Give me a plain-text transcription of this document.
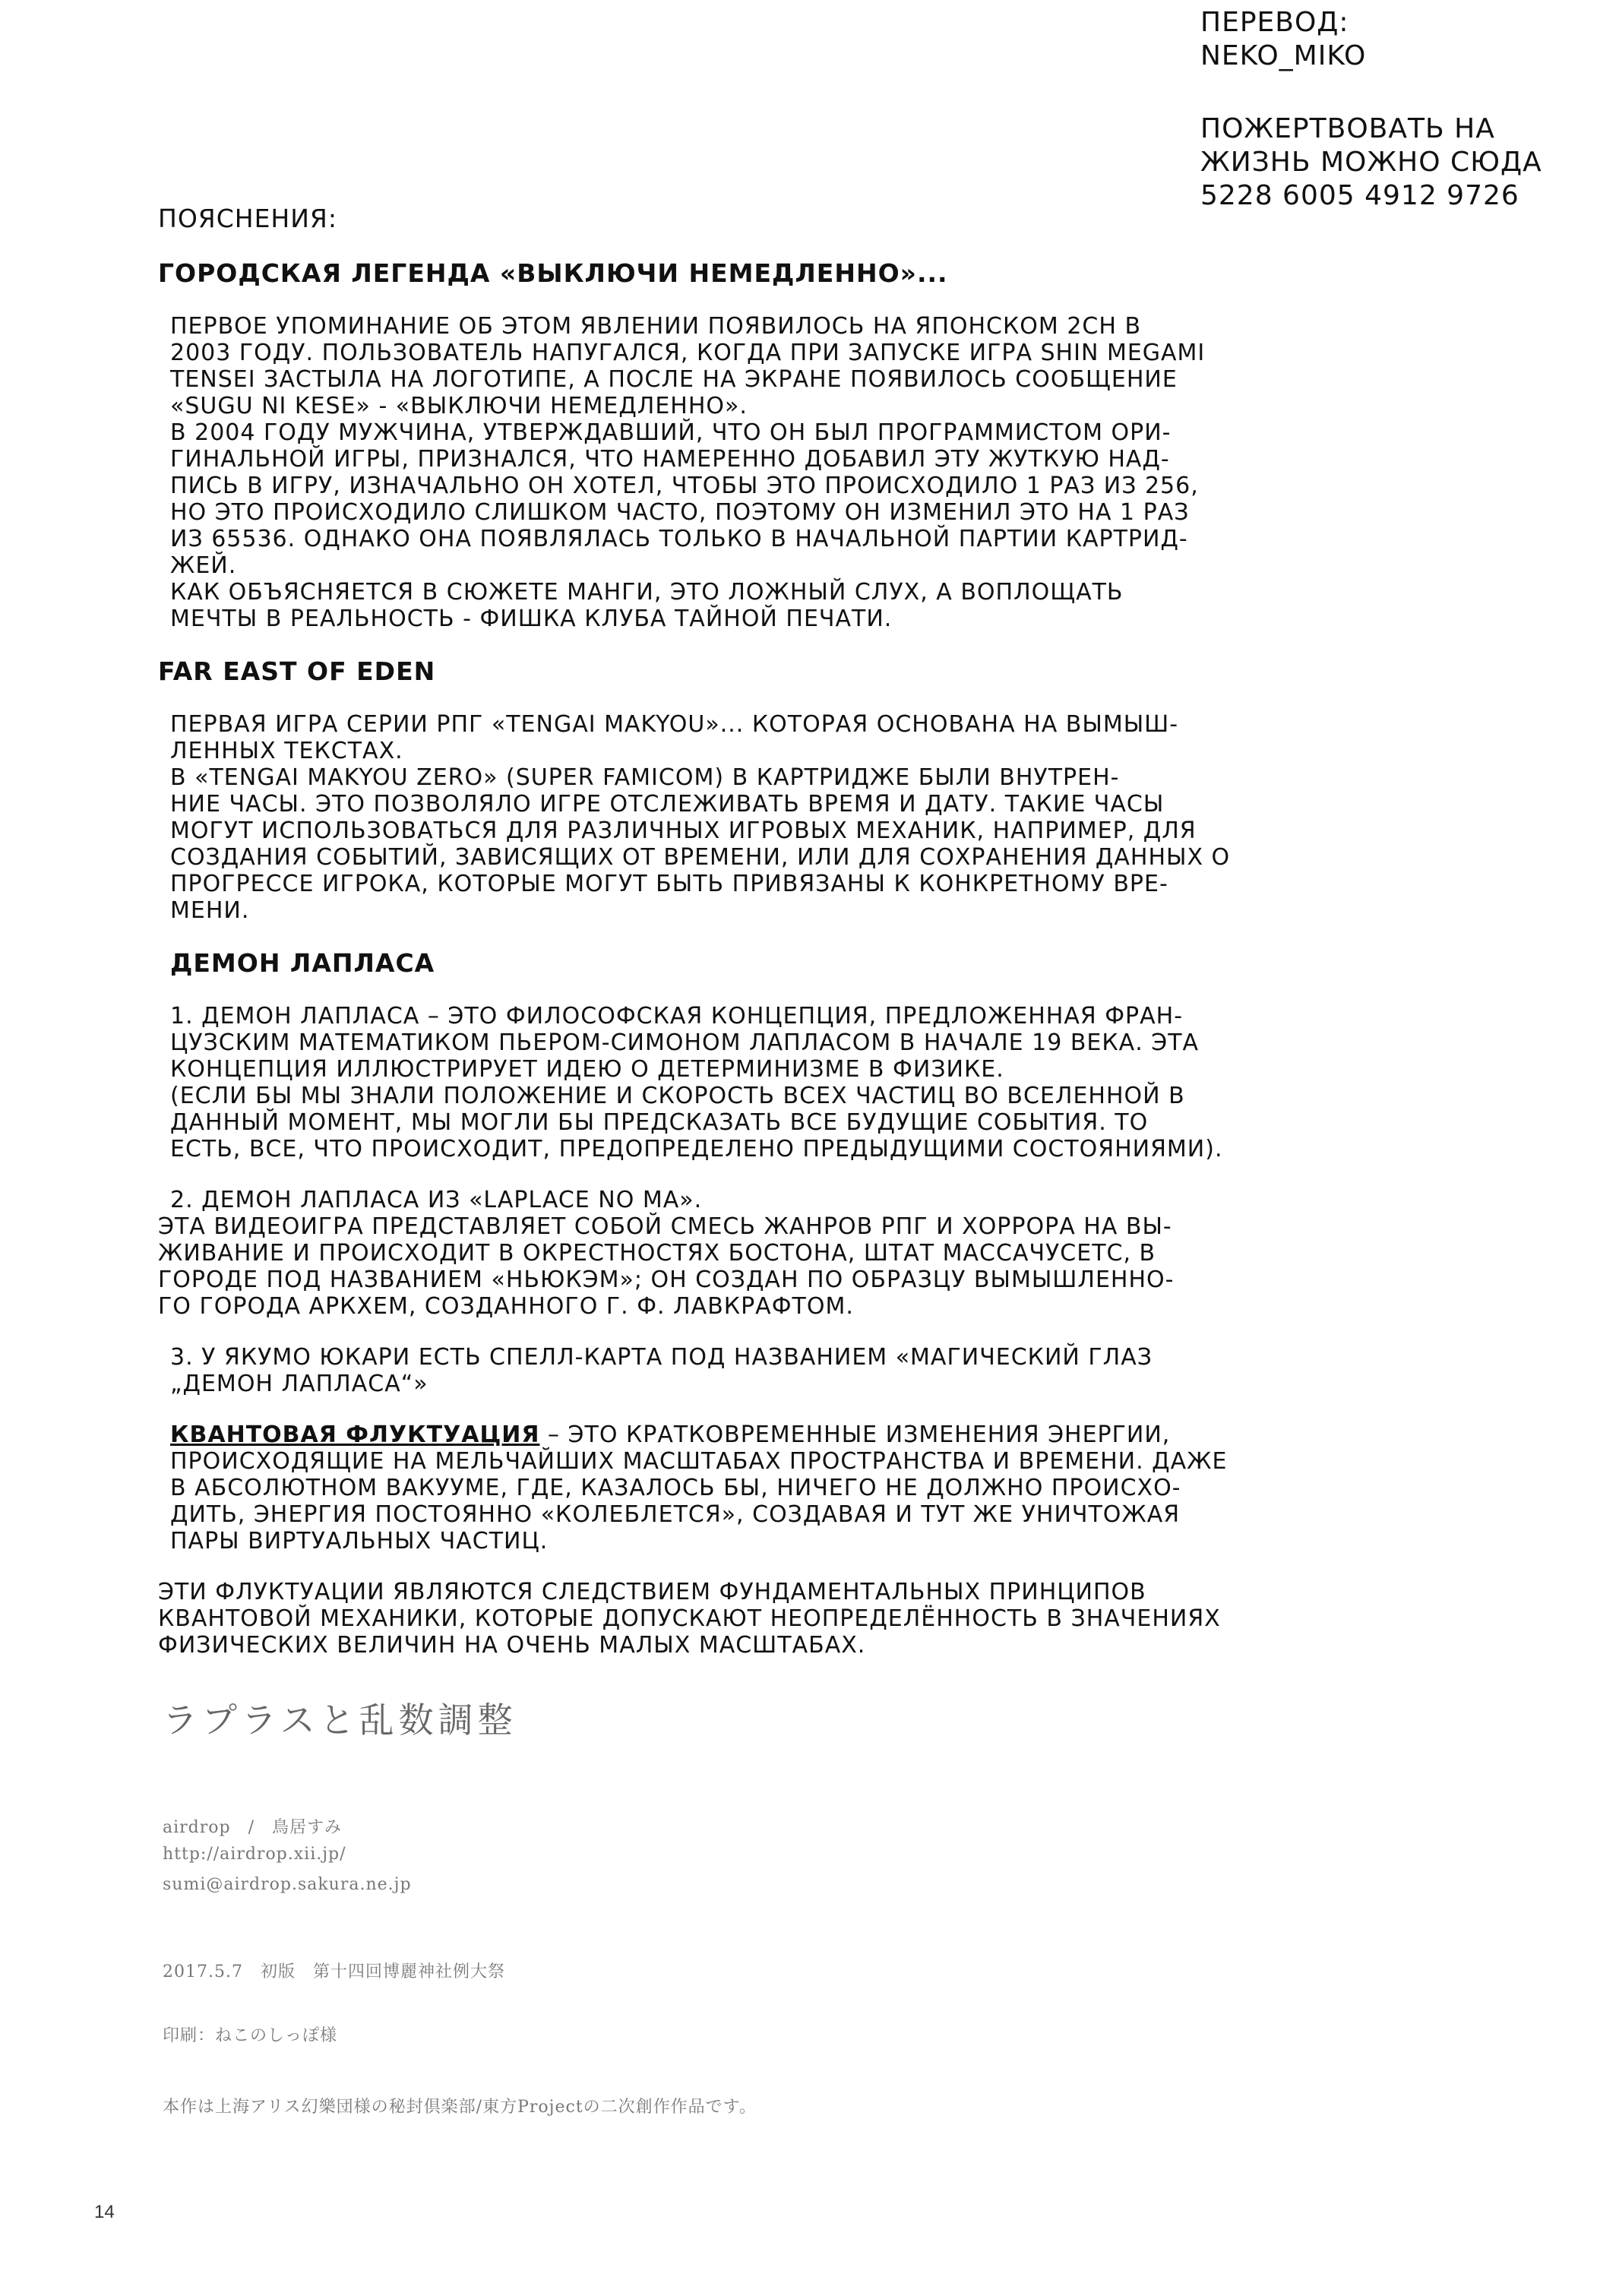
ПЕРЕВОД:

NEKO_MIKO

ПОЖЕРТВОВАТЬ НА

ЖИЗНЬ МОЖНО СЮДА

5228 6005 4912 9726

ПОЯСНЕНИЯ:

ГОРОДСКАЯ ЛЕГЕНДА «ВЫКЛЮЧИ НЕМЕДЛЕННО»...

ПЕРВОЕ УПОМИНАНИЕ ОБ ЭТОМ ЯВЛЕНИИ ПОЯВИЛОСЬ НА ЯПОНСКОМ 2CH В
2003 ГОДУ. ПОЛЬЗОВАТЕЛЬ НАПУГАЛСЯ, КОГДА ПРИ ЗАПУСКЕ ИГРА SHIN MEGAMI
TENSEI ЗАСТЫЛА НА ЛОГОТИПЕ, А ПОСЛЕ НА ЭКРАНЕ ПОЯВИЛОСЬ СООБЩЕНИЕ
«SUGU NI KESE» - «ВЫКЛЮЧИ НЕМЕДЛЕННО».

В 2004 ГОДУ МУЖЧИНА, УТВЕРЖДАВШИЙ, ЧТО ОН БЫЛ ПРОГРАММИСТОМ ОРИ-
ГИНАЛЬНОЙ ИГРЫ, ПРИЗНАЛСЯ, ЧТО НАМЕРЕННО ДОБАВИЛ ЭТУ ЖУТКУЮ НАД-
ПИСЬ В ИГРУ, ИЗНАЧАЛЬНО ОН ХОТЕЛ, ЧТОБЫ ЭТО ПРОИСХОДИЛО 1 РАЗ ИЗ 256,
НО ЭТО ПРОИСХОДИЛО СЛИШКОМ ЧАСТО, ПОЭТОМУ ОН ИЗМЕНИЛ ЭТО НА 1 РАЗ
ИЗ 65536. ОДНАКО ОНА ПОЯВЛЯЛАСЬ ТОЛЬКО В НАЧАЛЬНОЙ ПАРТИИ КАРТРИД-
ЖЕЙ.

КАК ОБЪЯСНЯЕТСЯ В СЮЖЕТЕ МАНГИ, ЭТО ЛОЖНЫЙ СЛУХ, А ВОПЛОЩАТЬ
МЕЧТЫ В РЕАЛЬНОСТЬ - ФИШКА КЛУБА ТАЙНОЙ ПЕЧАТИ.

FAR EAST OF EDEN

ПЕРВАЯ ИГРА СЕРИИ РПГ «TENGAI MAKYOU»... КОТОРАЯ ОСНОВАНА НА ВЫМЫШ-
ЛЕННЫХ ТЕКСТАХ.

В «TENGAI MAKYOU ZERO» (SUPER FAMICOM) В КАРТРИДЖЕ БЫЛИ ВНУТРЕН-
НИЕ ЧАСЫ. ЭТО ПОЗВОЛЯЛО ИГРЕ ОТСЛЕЖИВАТЬ ВРЕМЯ И ДАТУ. ТАКИЕ ЧАСЫ
МОГУТ ИСПОЛЬЗОВАТЬСЯ ДЛЯ РАЗЛИЧНЫХ ИГРОВЫХ МЕХАНИК, НАПРИМЕР, ДЛЯ
СОЗДАНИЯ СОБЫТИЙ, ЗАВИСЯЩИХ ОТ ВРЕМЕНИ, ИЛИ ДЛЯ СОХРАНЕНИЯ ДАННЫХ О
ПРОГРЕССЕ ИГРОКА, КОТОРЫЕ МОГУТ БЫТЬ ПРИВЯЗАНЫ К КОНКРЕТНОМУ ВРЕ-
МЕНИ.

ДЕМОН ЛАПЛАСА

1. ДЕМОН ЛАПЛАСА – ЭТО ФИЛОСОФСКАЯ КОНЦЕПЦИЯ, ПРЕДЛОЖЕННАЯ ФРАН-
ЦУЗСКИМ МАТЕМАТИКОМ ПЬЕРОМ-СИМОНОМ ЛАПЛАСОМ В НАЧАЛЕ 19 ВЕКА. ЭТА
КОНЦЕПЦИЯ ИЛЛЮСТРИРУЕТ ИДЕЮ О ДЕТЕРМИНИЗМЕ В ФИЗИКЕ.

(ЕСЛИ БЫ МЫ ЗНАЛИ ПОЛОЖЕНИЕ И СКОРОСТЬ ВСЕХ ЧАСТИЦ ВО ВСЕЛЕННОЙ В
ДАННЫЙ МОМЕНТ, МЫ МОГЛИ БЫ ПРЕДСКАЗАТЬ ВСЕ БУДУЩИЕ СОБЫТИЯ. ТО
ЕСТЬ, ВСЕ, ЧТО ПРОИСХОДИТ, ПРЕДОПРЕДЕЛЕНО ПРЕДЫДУЩИМИ СОСТОЯНИЯМИ).

2. ДЕМОН ЛАПЛАСА ИЗ «LAPLACE NO MA».

ЭТА ВИДЕОИГРА ПРЕДСТАВЛЯЕТ СОБОЙ СМЕСЬ ЖАНРОВ РПГ И ХОРРОРА НА ВЫ-
ЖИВАНИЕ И ПРОИСХОДИТ В ОКРЕСТНОСТЯХ БОСТОНА, ШТАТ МАССАЧУСЕТС, В
ГОРОДЕ ПОД НАЗВАНИЕМ «НЬЮКЭМ»; ОН СОЗДАН ПО ОБРАЗЦУ ВЫМЫШЛЕННО-
ГО ГОРОДА АРКХЕМ, СОЗДАННОГО Г. Ф. ЛАВКРАФТОМ.

3. У ЯКУМО ЮКАРИ ЕСТЬ СПЕЛЛ-КАРТА ПОД НАЗВАНИЕМ «МАГИЧЕСКИЙ ГЛАЗ
„ДЕМОН ЛАПЛАСА“»

КВАНТОВАЯ ФЛУКТУАЦИЯ – ЭТО КРАТКОВРЕМЕННЫЕ ИЗМЕНЕНИЯ ЭНЕРГИИ,
ПРОИСХОДЯЩИЕ НА МЕЛЬЧАЙШИХ МАСШТАБАХ ПРОСТРАНСТВА И ВРЕМЕНИ. ДАЖЕ
В АБСОЛЮТНОМ ВАКУУМЕ, ГДЕ, КАЗАЛОСЬ БЫ, НИЧЕГО НЕ ДОЛЖНО ПРОИСХО-
ДИТЬ, ЭНЕРГИЯ ПОСТОЯННО «КОЛЕБЛЕТСЯ», СОЗДАВАЯ И ТУТ ЖЕ УНИЧТОЖАЯ
ПАРЫ ВИРТУАЛЬНЫХ ЧАСТИЦ.

ЭТИ ФЛУКТУАЦИИ ЯВЛЯЮТСЯ СЛЕДСТВИЕМ ФУНДАМЕНТАЛЬНЫХ ПРИНЦИПОВ
КВАНТОВОЙ МЕХАНИКИ, КОТОРЫЕ ДОПУСКАЮТ НЕОПРЕДЕЛЁННОСТЬ В ЗНАЧЕНИЯХ
ФИЗИЧЕСКИХ ВЕЛИЧИН НА ОЧЕНЬ МАЛЫХ МАСШТАБАХ.

ラプラスと乱数調整
airdrop　/　鳥居すみ
http://airdrop.xii.jp/
sumi@airdrop.sakura.ne.jp
2017.5.7　初版　第十四回博麗神社例大祭
印刷：ねこのしっぽ様
本作は上海アリス幻樂団様の秘封倶楽部/東方Projectの二次創作作品です。
14
